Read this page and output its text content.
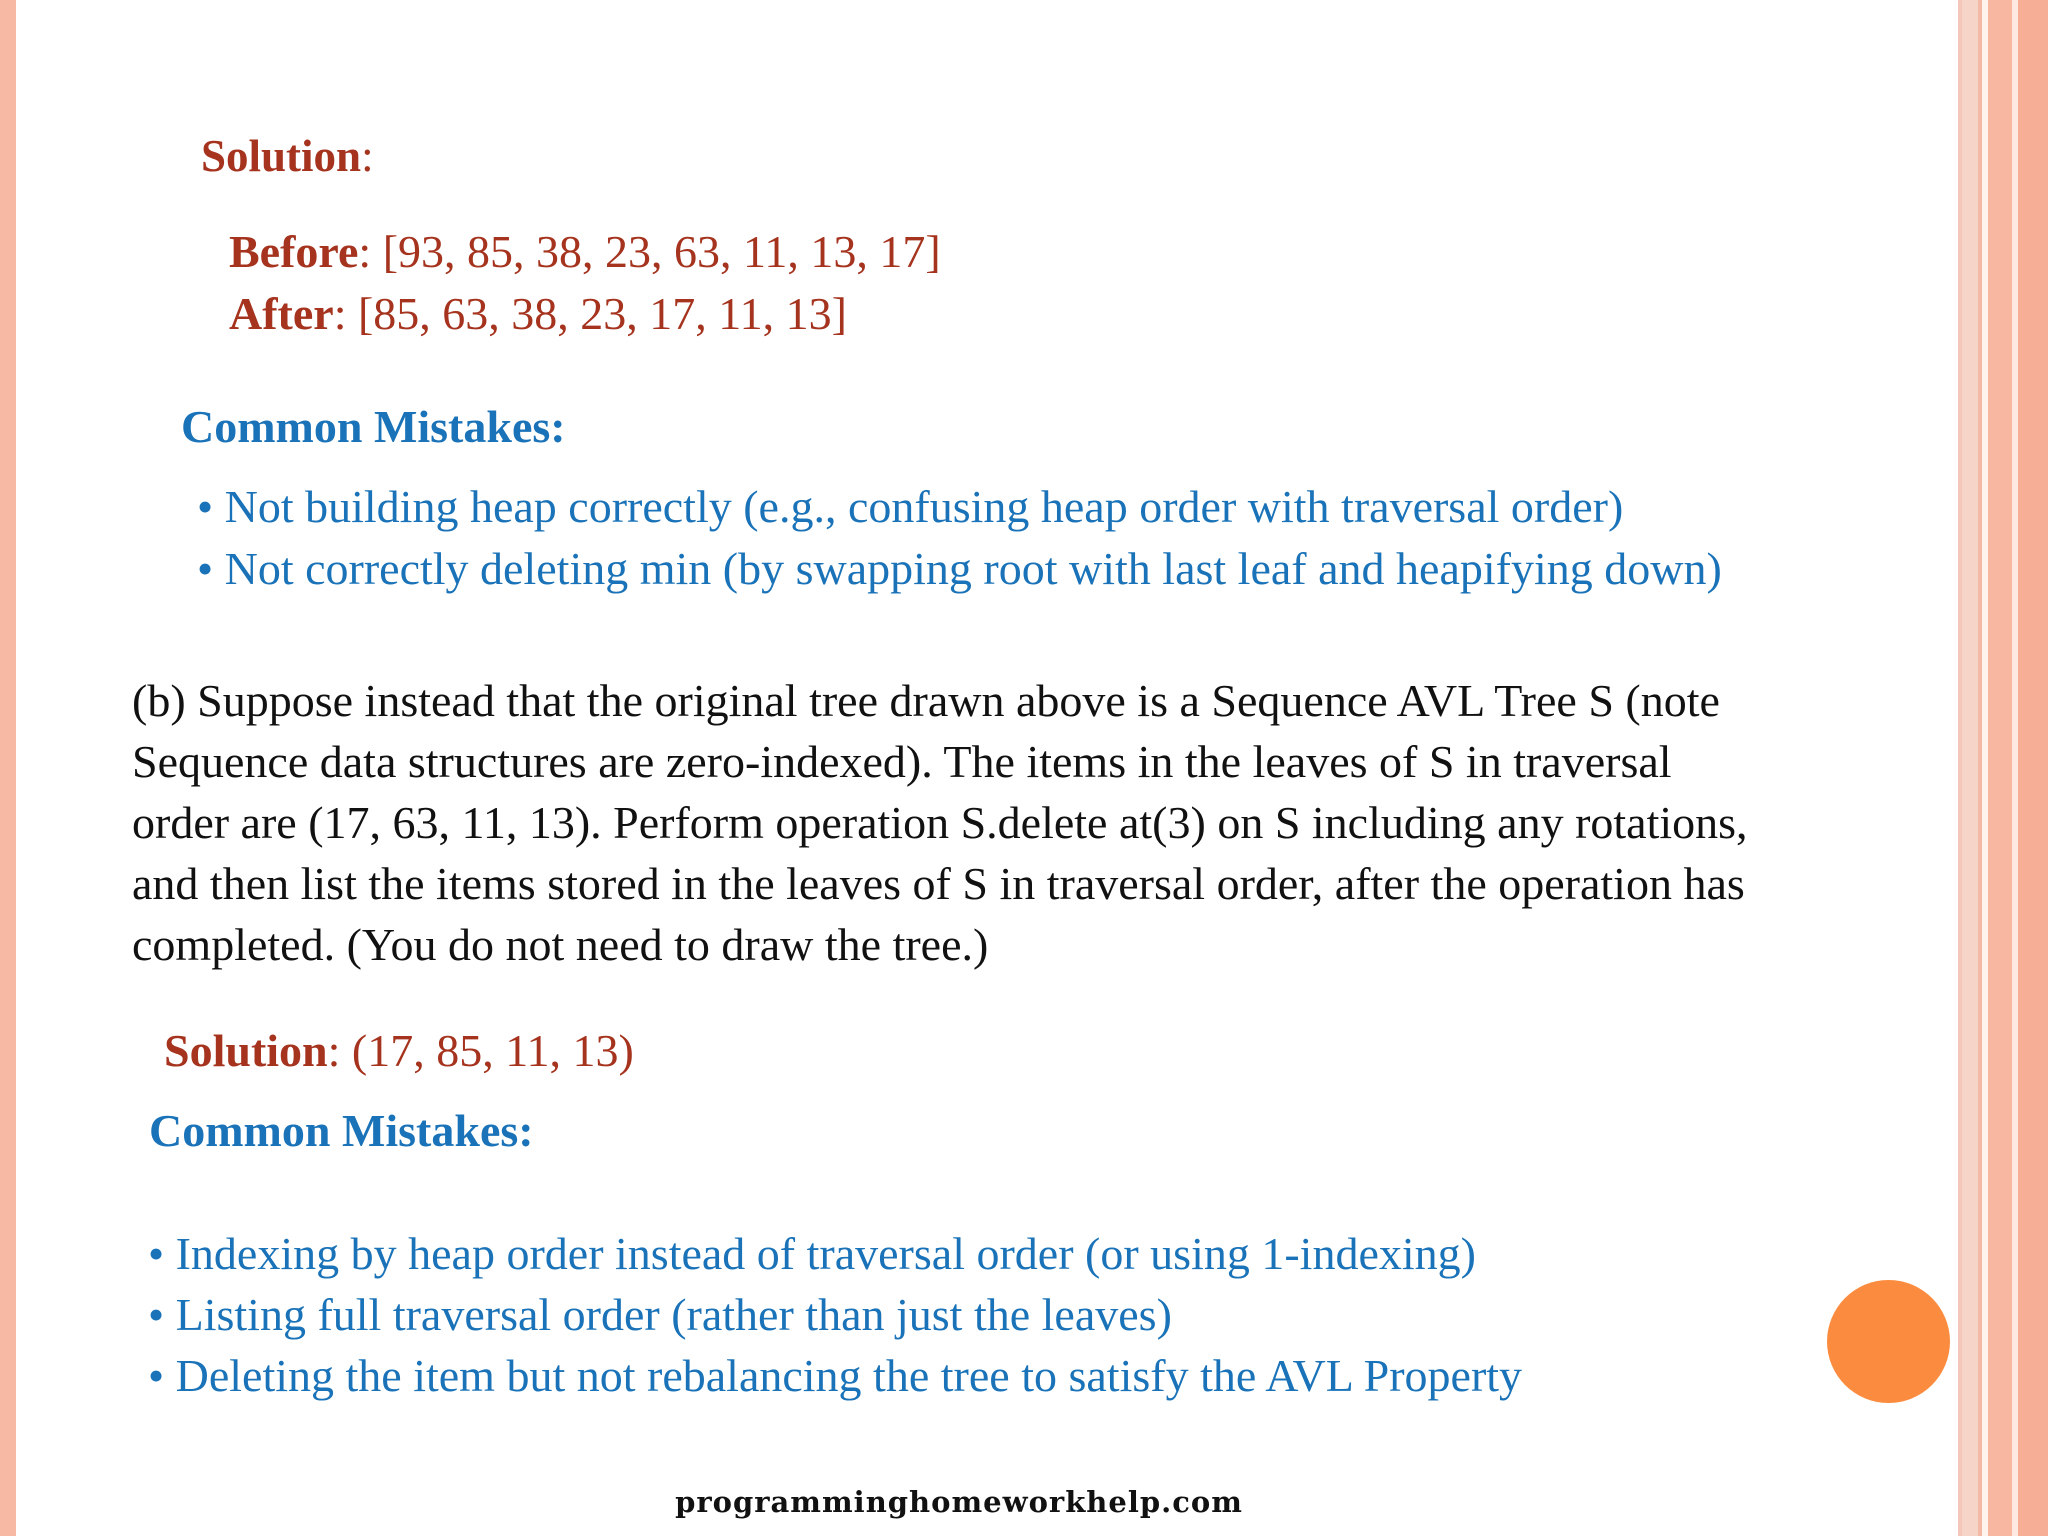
Solution:
Before: [93, 85, 38, 23, 63, 11, 13, 17]
After: [85, 63, 38, 23, 17, 11, 13]
Common Mistakes:
• Not building heap correctly (e.g., confusing heap order with traversal order)
• Not correctly deleting min (by swapping root with last leaf and heapifying down)
(b) Suppose instead that the original tree drawn above is a Sequence AVL Tree S (note
Sequence data structures are zero-indexed). The items in the leaves of S in traversal
order are (17, 63, 11, 13). Perform operation S.delete at(3) on S including any rotations,
and then list the items stored in the leaves of S in traversal order, after the operation has
completed. (You do not need to draw the tree.)
Solution: (17, 85, 11, 13)
Common Mistakes:
• Indexing by heap order instead of traversal order (or using 1-indexing)
• Listing full traversal order (rather than just the leaves)
• Deleting the item but not rebalancing the tree to satisfy the AVL Property
programminghomeworkhelp.com
